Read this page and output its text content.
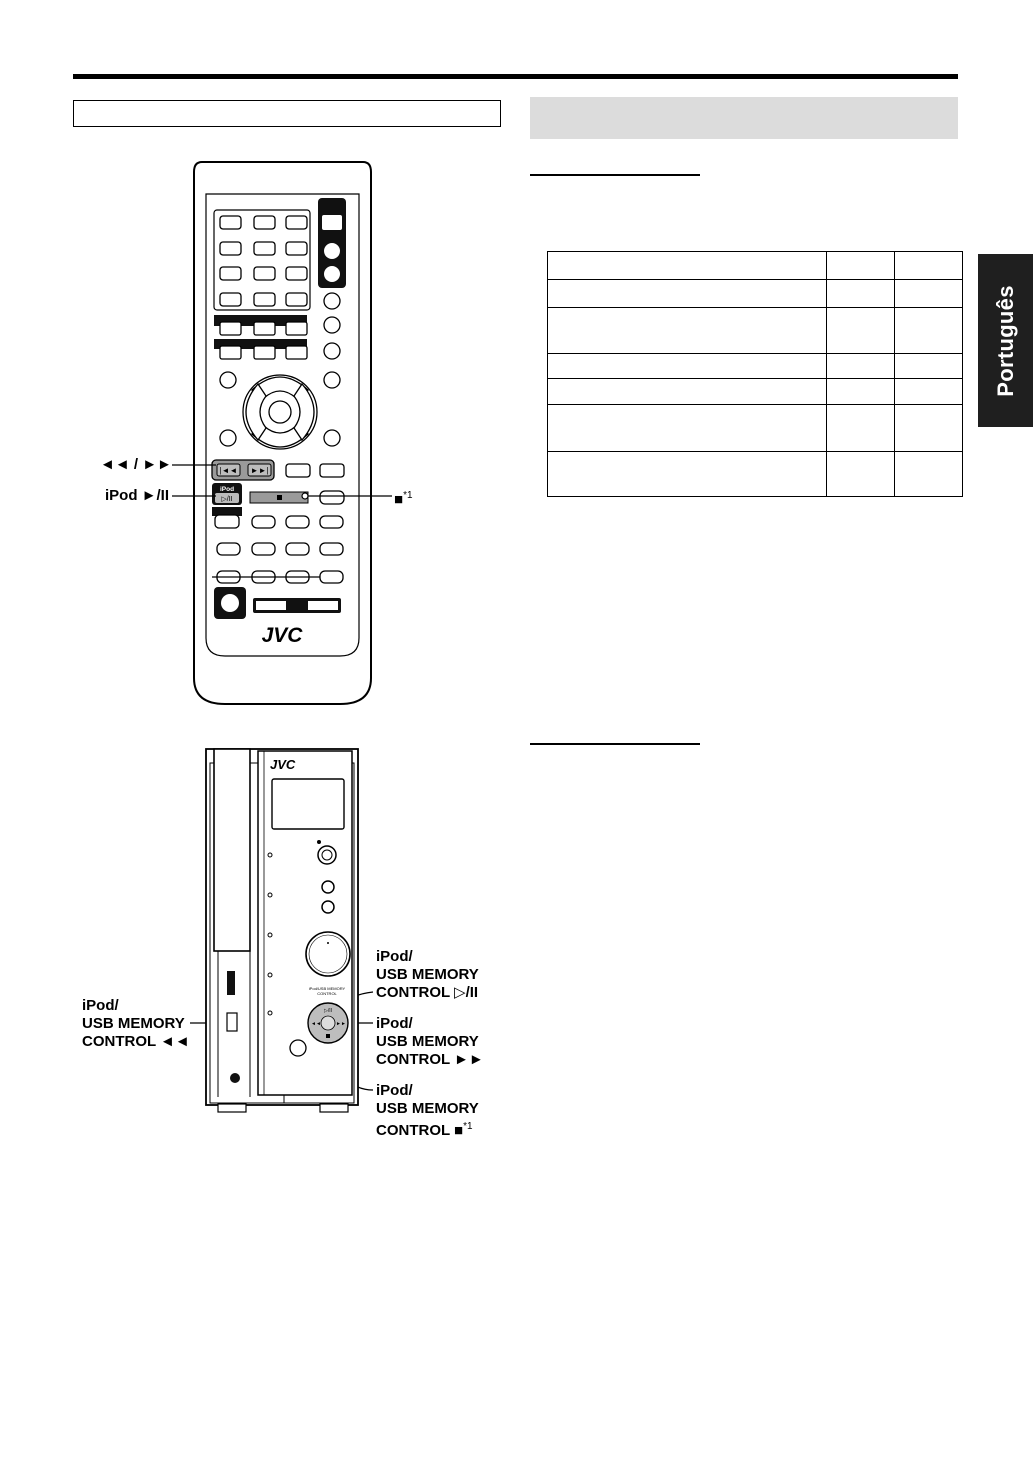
Português

|◄◄ ►►|
iPod
▷/II
JVC
◄◄ / ►►
iPod ►/II	■$^{*1}$
JVC
iPod/USB MEMORY
CONTROL
▷/II
◄◄	►►
iPod/
USB MEMORY
CONTROL ◄◄
iPod/
USB MEMORY
CONTROL ▷/II
iPod/
USB MEMORY
CONTROL ►►
iPod/
USB MEMORY
CONTROL ■$^{*1}$
